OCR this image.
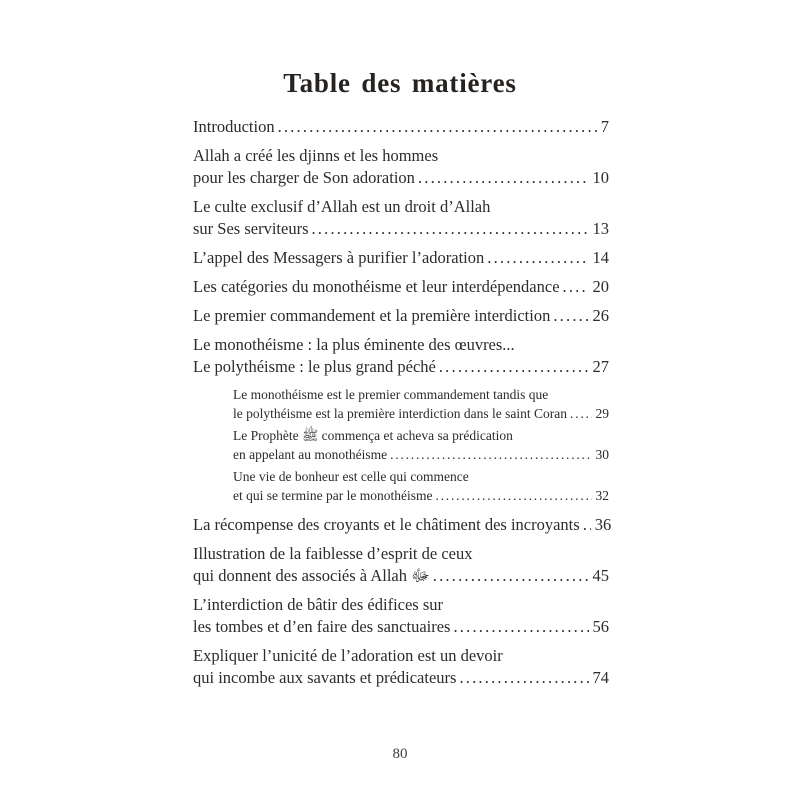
Table des matières
Introduction .....	7
Allah a créé les djinns et les hommes
pour les charger de Son adoration .....	10
Le culte exclusif d’Allah est un droit d’Allah
sur Ses serviteurs .....	13
L’appel des Messagers à purifier l’adoration .....	14
Les catégories du monothéisme et leur interdépendance ..... 20
Le premier commandement et la première interdiction .....	26
Le monothéisme : la plus éminente des œuvres...
Le polythéisme : le plus grand péché .....	27
Le monothéisme est le premier commandement tandis que
le polythéisme est la première interdiction dans le saint Coran ..... 29
Le Prophète ﷺ commença et acheva sa prédication
en appelant au monothéisme .....	30
Une vie de bonheur est celle qui commence
et qui se termine par le monothéisme .....	32
La récompense des croyants et le châtiment des incroyants ..... 36
Illustration de la faiblesse d’esprit de ceux
qui donnent des associés à Allah ﷻ .....	45
L’interdiction de bâtir des édifices sur
les tombes et d’en faire des sanctuaires .....	56
Expliquer l’unicité de l’adoration est un devoir
qui incombe aux savants et prédicateurs .....	74
80
